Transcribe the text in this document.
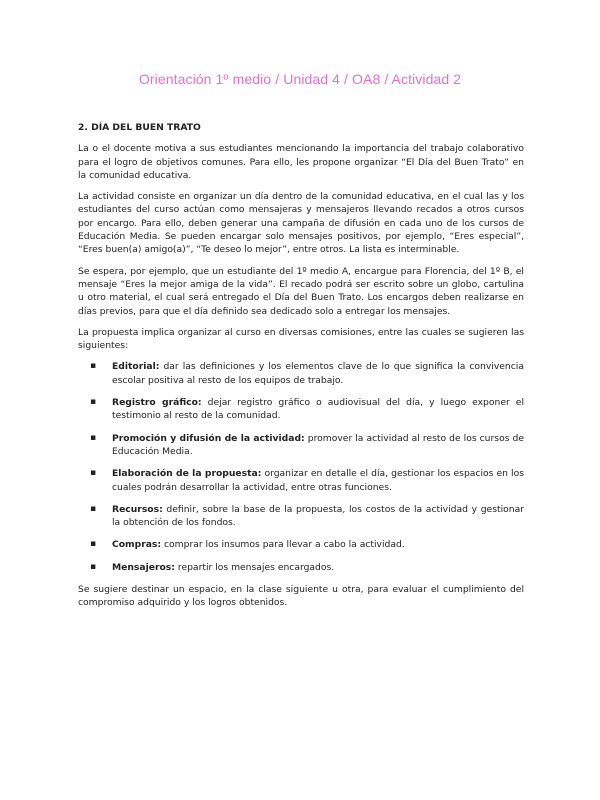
Orientación 1º medio / Unidad 4 / OA8 / Actividad 2
2. DÍA DEL BUEN TRATO

La o el docente motiva a sus estudiantes mencionando la importancia del trabajo colaborativo para el logro de objetivos comunes. Para ello, les propone organizar “El Día del Buen Trato” en la comunidad educativa.

La actividad consiste en organizar un día dentro de la comunidad educativa, en el cual las y los estudiantes del curso actúan como mensajeras y mensajeros llevando recados a otros cursos por encargo. Para ello, deben generar una campaña de difusión en cada uno de los cursos de Educación Media. Se pueden encargar solo mensajes positivos, por ejemplo, “Eres especial”, “Eres buen(a) amigo(a)”, “Te deseo lo mejor”, entre otros. La lista es interminable.

Se espera, por ejemplo, que un estudiante del 1º medio A, encargue para Florencia, del 1º B, el mensaje “Eres la mejor amiga de la vida”. El recado podrá ser escrito sobre un globo, cartulina u otro material, el cual será entregado el Día del Buen Trato. Los encargos deben realizarse en días previos, para que el día definido sea dedicado solo a entregar los mensajes.

La propuesta implica organizar al curso en diversas comisiones, entre las cuales se sugieren las siguientes:

▪ Editorial: dar las definiciones y los elementos clave de lo que significa la convivencia escolar positiva al resto de los equipos de trabajo.
▪ Registro gráfico: dejar registro gráfico o audiovisual del día, y luego exponer el testimonio al resto de la comunidad.
▪ Promoción y difusión de la actividad: promover la actividad al resto de los cursos de Educación Media.
▪ Elaboración de la propuesta: organizar en detalle el día, gestionar los espacios en los cuales podrán desarrollar la actividad, entre otras funciones.
▪ Recursos: definir, sobre la base de la propuesta, los costos de la actividad y gestionar la obtención de los fondos.
▪ Compras: comprar los insumos para llevar a cabo la actividad.
▪ Mensajeros: repartir los mensajes encargados.

Se sugiere destinar un espacio, en la clase siguiente u otra, para evaluar el cumplimiento del compromiso adquirido y los logros obtenidos.
